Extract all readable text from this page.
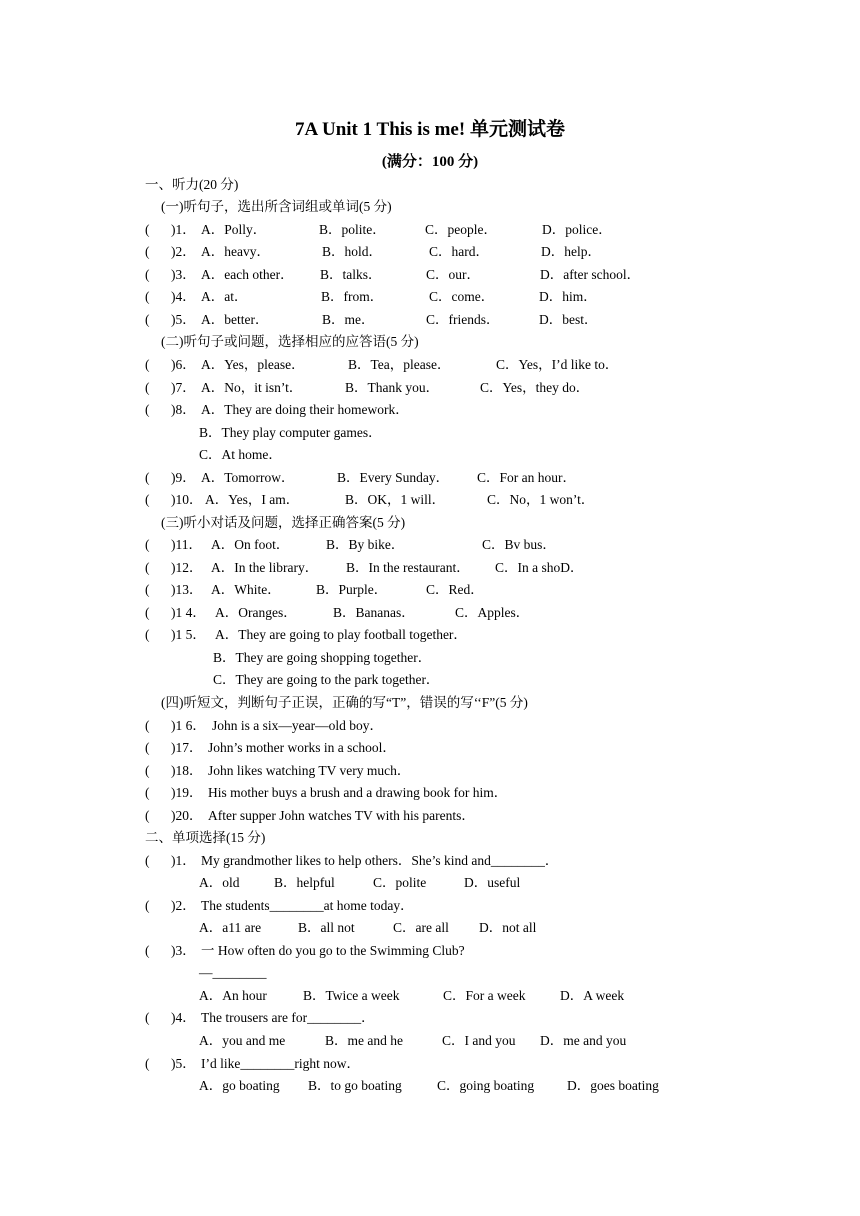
7A Unit 1 This is me! 单元测试卷
(满分：100 分)
一、听力(20 分)
(一)听句子，选出所含词组或单词(5 分)
( )1． A．Polly．	B．polite．	C．people．	D．police．
( )2． A．heavy．	B．hold．	C．hard．	D．help．
( )3． A．each other． B．talks．	C．our．	D．after school．
( )4． A．at．	B．from．	C．come．	D．him．
( )5． A．better．	B．me．	C．friends．	D．best．
(二)听句子或问题，选择相应的应答语(5 分)
( )6． A．Yes，please．	B．Tea，please．	C．Yes，I’d like to．
( )7． A．No，it isn’t．	B．Thank you．	C．Yes，they do．
( )8． A．They are doing their homework．
B．They play computer games．
C．At home．
( )9． A．Tomorrow．	B．Every Sunday． C．For an hour．
( )10． A．Yes，I am．	B．OK，1 will．	C．No，1 won’t．
(三)听小对话及问题，选择正确答案(5 分)
( )11． A．On foot．	B．By bike．	C．Bv bus．
( )12． A．In the library． B．In the restaurant． C．In a shoD．
( )13． A．White．	B．Purple．	C．Red．
( )1 4． A．Oranges．	B．Bananas．	C．Apples．
( )1 5． A．They are going to play football together．
B．They are going shopping together．
C．They are going to the park together．
(四)听短文，判断句子正误，正确的写“T”，错误的写‘‘F”(5 分)
( )1 6． John is a six—year—old boy．
( )17． John’s mother works in a school．
( )18． John likes watching TV very much．
( )19． His mother buys a brush and a drawing book for him．
( )20． After supper John watches TV with his parents．
二、单项选择(15 分)
( )1． My grandmother likes to help others．She’s kind and________．
A．old	B．helpful	C．polite	D．useful
( )2． The students________at home today．
A．a11 are	B．all not	C．are all D．not all
( )3． 一 How often do you go to the Swimming Club?
—________
A．An hour	B．Twice a week	C．For a week	D．A week
( )4． The trousers are for________．
A．you and me	B．me and he	C．I and you D．me and you
( )5． I’d like________right now．
A．go boating B．to go boating	C．going boating D．goes boating
